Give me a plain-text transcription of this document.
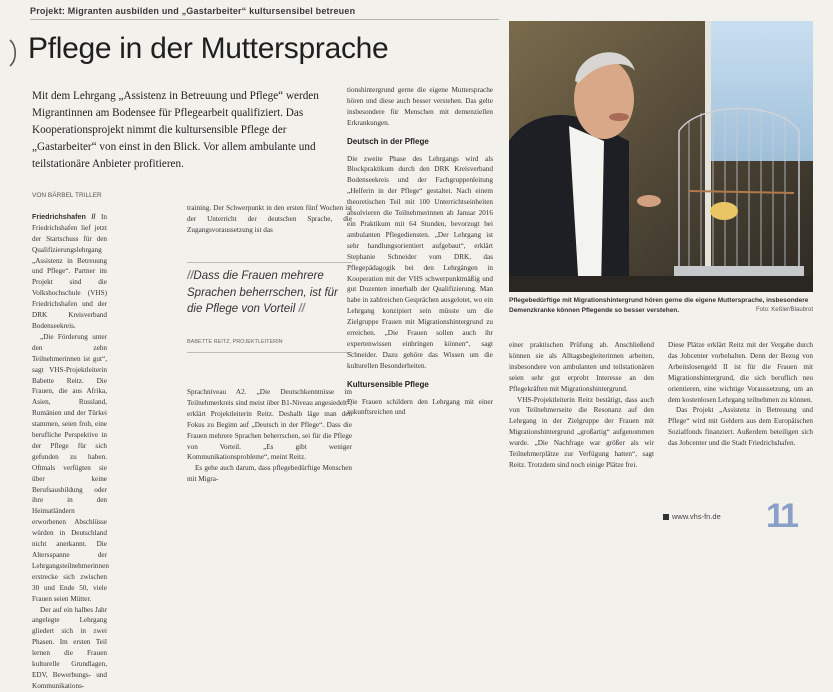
Projekt: Migranten ausbilden und „Gastarbeiter“ kultursensibel betreuen
Pflege in der Muttersprache

Mit dem Lehrgang „Assistenz in Betreuung und Pflege“ werden Migrantinnen am Bodensee für Pflegearbeit qualifiziert. Das Kooperationsprojekt nimmt die kultursensible Pflege der „Gastarbeiter“ von einst in den Blick. Vor allem ambulante und teilstationäre Anbieter profitieren.

VON BÄRBEL TRILLER

Friedrichshafen // In Friedrichshafen lief jetzt der Startschuss für den Qualifizierungslehrgang „Assistenz in Betreuung und Pflege“. Partner im Projekt sind die Volkshochschule (VHS) Friedrichshafen und der DRK Kreisverband Bodenseekreis.

„Die Förderung unter den zehn Teilnehmerinnen ist gut“, sagt VHS-Projektleiterin Babette Reitz. Die Frauen, die aus Afrika, Asien, Russland, Rumänien und der Türkei stammen, seien froh, eine berufliche Perspektive in der Pflege für sich gefunden zu haben. Oftmals verfügten sie über keine Berufsausbildung oder ihre in den Heimatländern erworbenen Abschlüsse würden in Deutschland nicht anerkannt. Die Altersspanne der Lehrgangsteilnehmerinnen erstrecke sich zwischen 30 und Ende 50, viele Frauen seien Mütter.

Der auf ein halbes Jahr angelegte Lehrgang gliedert sich in zwei Phasen. Im ersten Teil lernen die Frauen kulturelle Grundlagen, EDV, Bewerbungs- und Kommunikations-

training. Der Schwerpunkt in den ersten fünf Wochen ist der Unterricht der deutschen Sprache, die Zugangsvoraussetzung ist das

//Dass die Frauen mehrere Sprachen beherrschen, ist für die Pflege von Vorteil //
BABETTE REITZ, PROJEKTLEITERIN

Sprachniveau A2. „Die Deutschkenntnisse im Teilnehmerkreis sind meist über B1-Niveau angesiedelt“, erklärt Projektleiterin Reitz. Deshalb läge man den Fokus zu Beginn auf „Deutsch in der Pflege“. Dass die Frauen mehrere Sprachen beherrschen, sei für die Pflege von Vorteil. „Es gibt weniger Kommunikationsprobleme“, meint Reitz.

Es gehe auch darum, dass pflegebedürftige Menschen mit Migra-

tionshintergrund gerne die eigene Muttersprache hören und diese auch besser verstehen. Das gelte insbesondere für Menschen mit demenziellen Erkrankungen.

Deutsch in der Pflege

Die zweite Phase des Lehrgangs wird als Blockpraktikum durch den DRK Kreisverband Bodenseekreis und der Fachgruppenleitung „Helferin in der Pflege“ gestaltet. Nach einem theoretischen Teil mit 100 Unterrichtseinheiten absolvieren die Teilnehmerinnen ab Januar 2016 ein Praktikum mit 64 Stunden, bevorzugt bei ambulanten Pflegediensten. „Der Lehrgang ist sehr handlungsorientiert aufgebaut“, erklärt Stephanie Schneider vom DRK, das Pflegepädagogik bei den Lehrgängen in Kooperation mit der VHS schwerpunktmäßig und gut Dozenten innerhalb der Qualifizierung. Man habe in zahlreichen Gesprächen ausgelotet, wo ein Lehrgang konzipiert sein müsste um die Zielgruppe Frauen mit Migrationshintergrund zu erreichen. „Die Frauen sollen auch ihr expertenwissen einbringen können“, sagt Schneider. Dazu gehöre das Wissen um die kulturellen Besonderheiten.

Kultursensible Pflege

Die Frauen schildern den Lehrgang mit einer zukunftsreichen und

Pflegebedürftige mit Migrationshintergrund hören gerne die eigene Muttersprache, insbesondere Demenzkranke können Pflegende so besser verstehen.	Foto: Keßler/Blaubrot

einer praktischen Prüfung ab. Anschließend können sie als Alltagsbegleiterinnen arbeiten, insbesondere von ambulanten und teilstationären seien sehr gut erprobt Interesse an den Pflegekräften mit Migrationshintergrund.

VHS-Projektleiterin Reitz bestätigt, dass auch von Teilnehmerseite die Resonanz auf den Lehrgang in der Zielgruppe der Frauen mit Migrationshintergrund „großartig“ aufgenommen wurde. „Die Nachfrage war größer als wir Teilnehmerplätze zur Verfügung hatten“, sagt Reitz. Trotzdem sind noch einige Plätze frei.

Diese Plätze erklärt Reitz mit der Vergabe durch das Jobcenter vorbehalten. Denn der Bezug von Arbeitslosengeld II ist für die Frauen mit Migrationshintergrund, die sich beruflich neu orientieren, eine wichtige Voraussetzung, um an dem kostenlosen Lehrgang teilnehmen zu können.

Das Projekt „Assistenz in Betreuung und Pflege“ wird mit Geldern aus dem Europäischen Sozialfonds finanziert. Außerdem beteiligen sich das Jobcenter und die Stadt Friedrichshafen.

www.vhs-fn.de 11
